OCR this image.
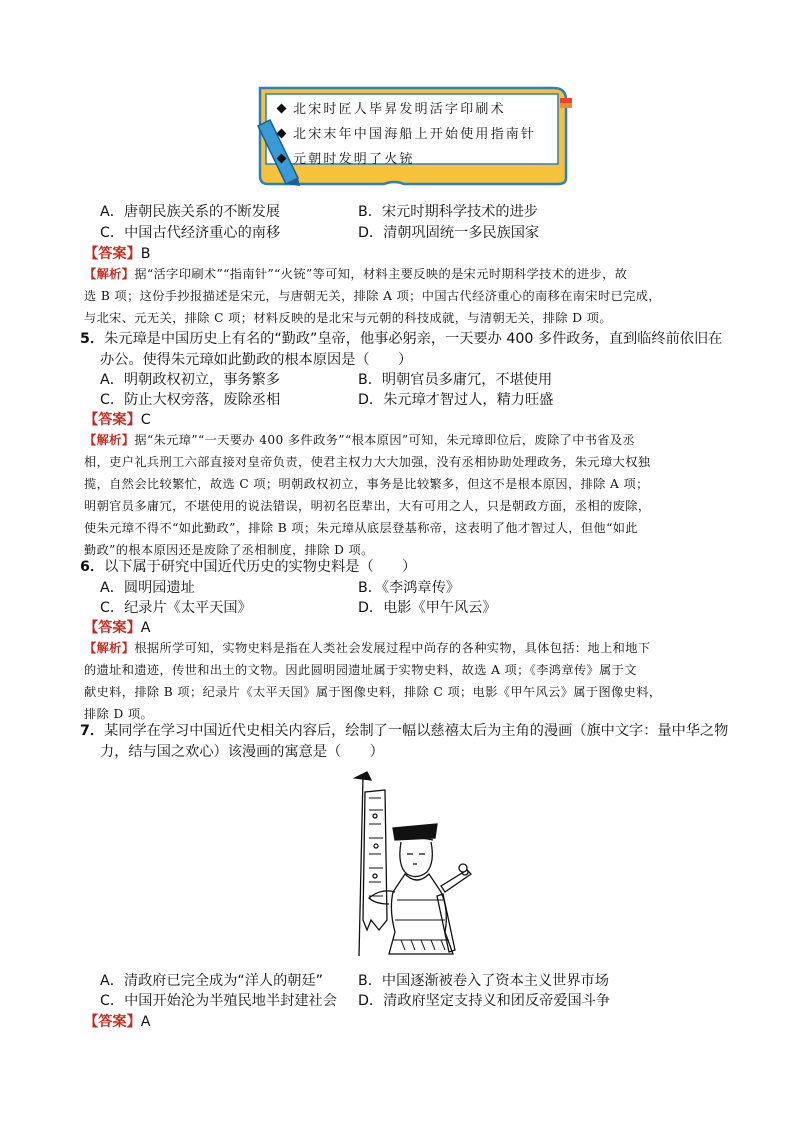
北宋时匠人毕昇发明活字印刷术
北宋末年中国海船上开始使用指南针
元朝时发明了火铳
A．唐朝民族关系的不断发展	B．宋元时期科学技术的进步
C．中国古代经济重心的南移	D．清朝巩固统一多民族国家
【答案】B
【解析】据“活字印刷术”“指南针”“火铳”等可知，材料主要反映的是宋元时期科学技术的进步，故
选 B 项；这份手抄报描述是宋元，与唐朝无关，排除 A 项；中国古代经济重心的南移在南宋时已完成，
与北宋、元无关，排除 C 项；材料反映的是北宋与元朝的科技成就，与清朝无关，排除 D 项。
5．朱元璋是中国历史上有名的“勤政”皇帝，他事必躬亲，一天要办 400 多件政务，直到临终前依旧在
办公。使得朱元璋如此勤政的根本原因是（　　）
A．明朝政权初立，事务繁多	B．明朝官员多庸冗，不堪使用
C．防止大权旁落，废除丞相	D．朱元璋才智过人，精力旺盛
【答案】C
【解析】据“朱元璋”“一天要办 400 多件政务”“根本原因”可知，朱元璋即位后，废除了中书省及丞
相，吏户礼兵刑工六部直接对皇帝负责，使君主权力大大加强，没有丞相协助处理政务，朱元璋大权独
揽，自然会比较繁忙，故选 C 项；明朝政权初立，事务是比较繁多，但这不是根本原因，排除 A 项；
明朝官员多庸冗，不堪使用的说法错误，明初名臣辈出，大有可用之人，只是朝政方面，丞相的废除，
使朱元璋不得不“如此勤政”，排除 B 项；朱元璋从底层登基称帝，这表明了他才智过人，但他“如此
勤政”的根本原因还是废除了丞相制度，排除 D 项。
6．以下属于研究中国近代历史的实物史料是（　　）
A．圆明园遗址	B．《李鸿章传》
C．纪录片《太平天国》	D．电影《甲午风云》
【答案】A
【解析】根据所学可知，实物史料是指在人类社会发展过程中尚存的各种实物，具体包括：地上和地下
的遗址和遗迹，传世和出土的文物。因此圆明园遗址属于实物史料，故选 A 项；《李鸿章传》属于文
献史料，排除 B 项；纪录片《太平天国》属于图像史料，排除 C 项；电影《甲午风云》属于图像史料，
排除 D 项。
7．某同学在学习中国近代史相关内容后，绘制了一幅以慈禧太后为主角的漫画（旗中文字：量中华之物
力，结与国之欢心）该漫画的寓意是（　　）
A．清政府已完全成为“洋人的朝廷” B．中国逐渐被卷入了资本主义世界市场
C．中国开始沦为半殖民地半封建社会 D．清政府坚定支持义和团反帝爱国斗争
【答案】A
